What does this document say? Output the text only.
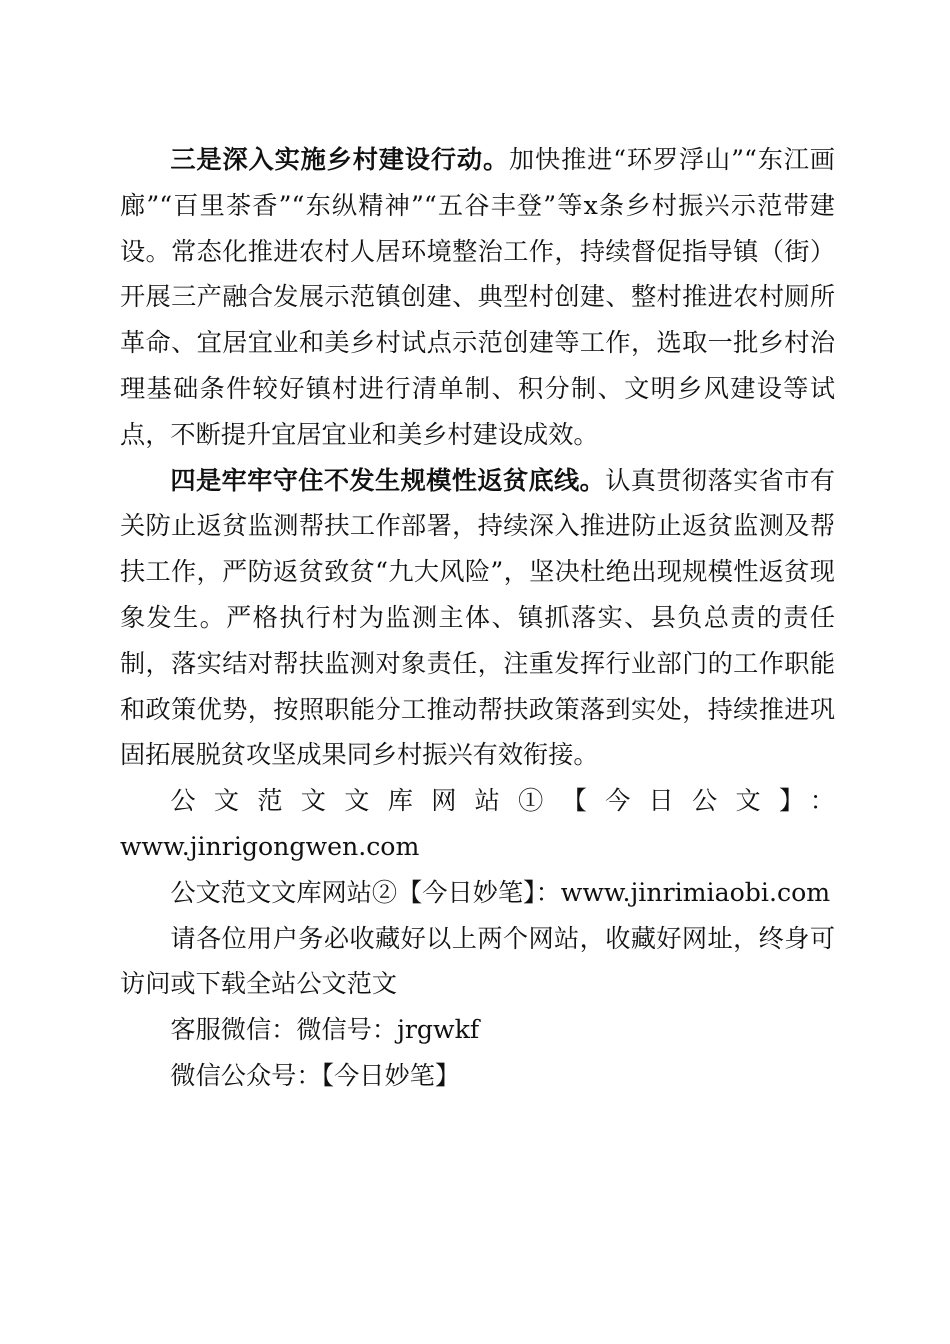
三是深入实施乡村建设行动。加快推进“环罗浮山”“东江画廊”“百里茶香”“东纵精神”“五谷丰登”等x条乡村振兴示范带建设。常态化推进农村人居环境整治工作，持续督促指导镇（街）开展三产融合发展示范镇创建、典型村创建、整村推进农村厕所革命、宜居宜业和美乡村试点示范创建等工作，选取一批乡村治理基础条件较好镇村进行清单制、积分制、文明乡风建设等试点，不断提升宜居宜业和美乡村建设成效。

四是牢牢守住不发生规模性返贫底线。认真贯彻落实省市有关防止返贫监测帮扶工作部署，持续深入推进防止返贫监测及帮扶工作，严防返贫致贫“九大风险”，坚决杜绝出现规模性返贫现象发生。严格执行村为监测主体、镇抓落实、县负总责的责任制，落实结对帮扶监测对象责任，注重发挥行业部门的工作职能和政策优势，按照职能分工推动帮扶政策落到实处，持续推进巩固拓展脱贫攻坚成果同乡村振兴有效衔接。

公文范文文库网站①【今日公文】：

www.jinrigongwen.com

公文范文文库网站②【今日妙笔】：www.jinrimiaobi.com

请各位用户务必收藏好以上两个网站，收藏好网址，终身可访问或下载全站公文范文

客服微信：微信号：jrgwkf

微信公众号：【今日妙笔】
